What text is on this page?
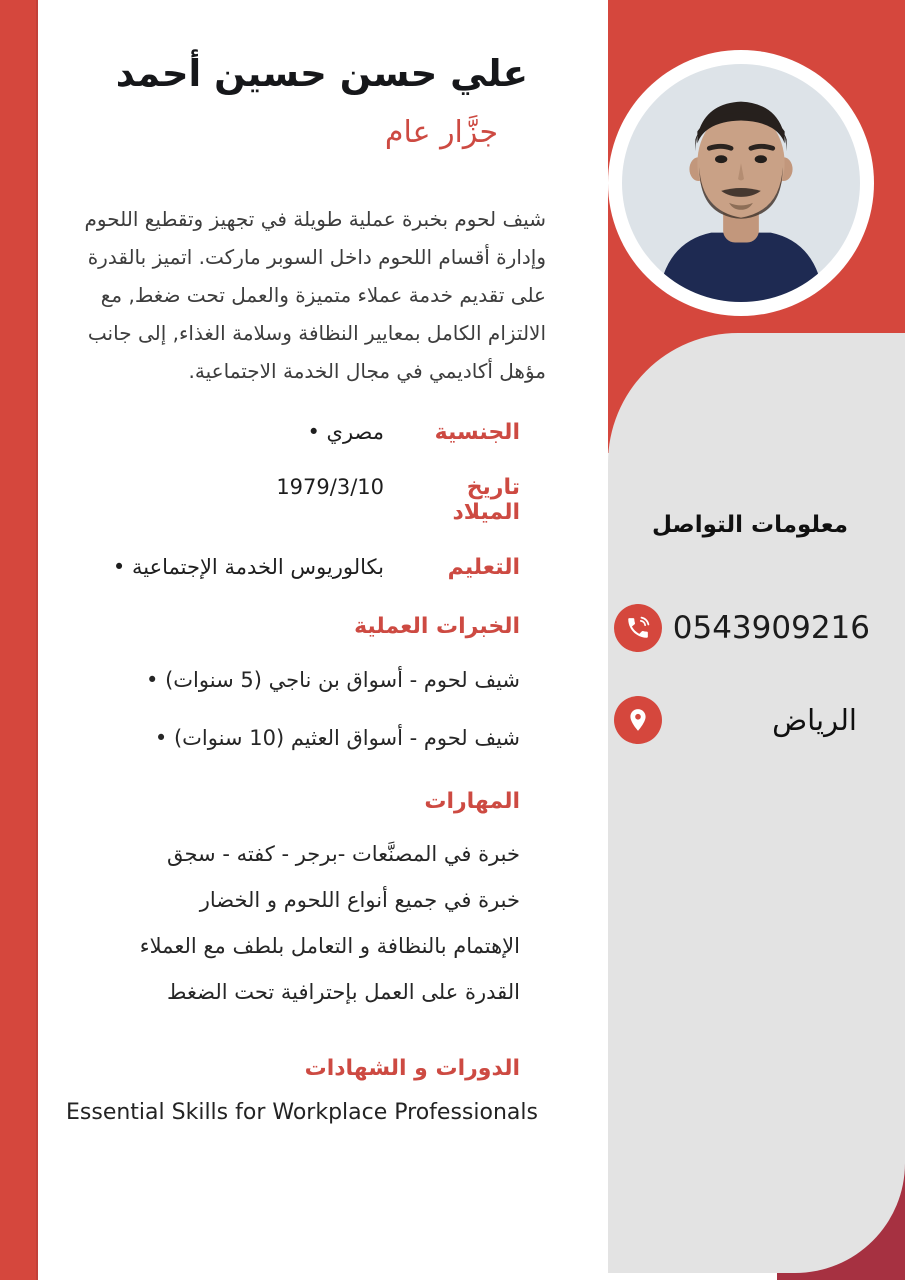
علي حسن حسين أحمد
جزَّار عام

شيف لحوم بخبرة عملية طويلة في تجهيز وتقطيع اللحوم وإدارة أقسام اللحوم داخل السوبر ماركت. اتميز بالقدرة على تقديم خدمة عملاء متميزة والعمل تحت ضغط, مع الالتزام الكامل بمعايير النظافة وسلامة الغذاء, إلى جانب مؤهل أكاديمي في مجال الخدمة الاجتماعية.

الجنسية
مصري •
تاريخ الميلاد
1979/3/10
التعليم
بكالوريوس الخدمة الإجتماعية •
الخبرات العملية
شيف لحوم - أسواق بن ناجي (5 سنوات) •
شيف لحوم - أسواق العثيم (10 سنوات) •
المهارات
خبرة في المصنَّعات -برجر - كفته - سجق
خبرة في جميع أنواع اللحوم و الخضار
الإهتمام بالنظافة و التعامل بلطف مع العملاء
القدرة على العمل بإحترافية تحت الضغط
الدورات و الشهادات
Essential Skills for Workplace Professionals
معلومات التواصل
0543909216
الرياض
